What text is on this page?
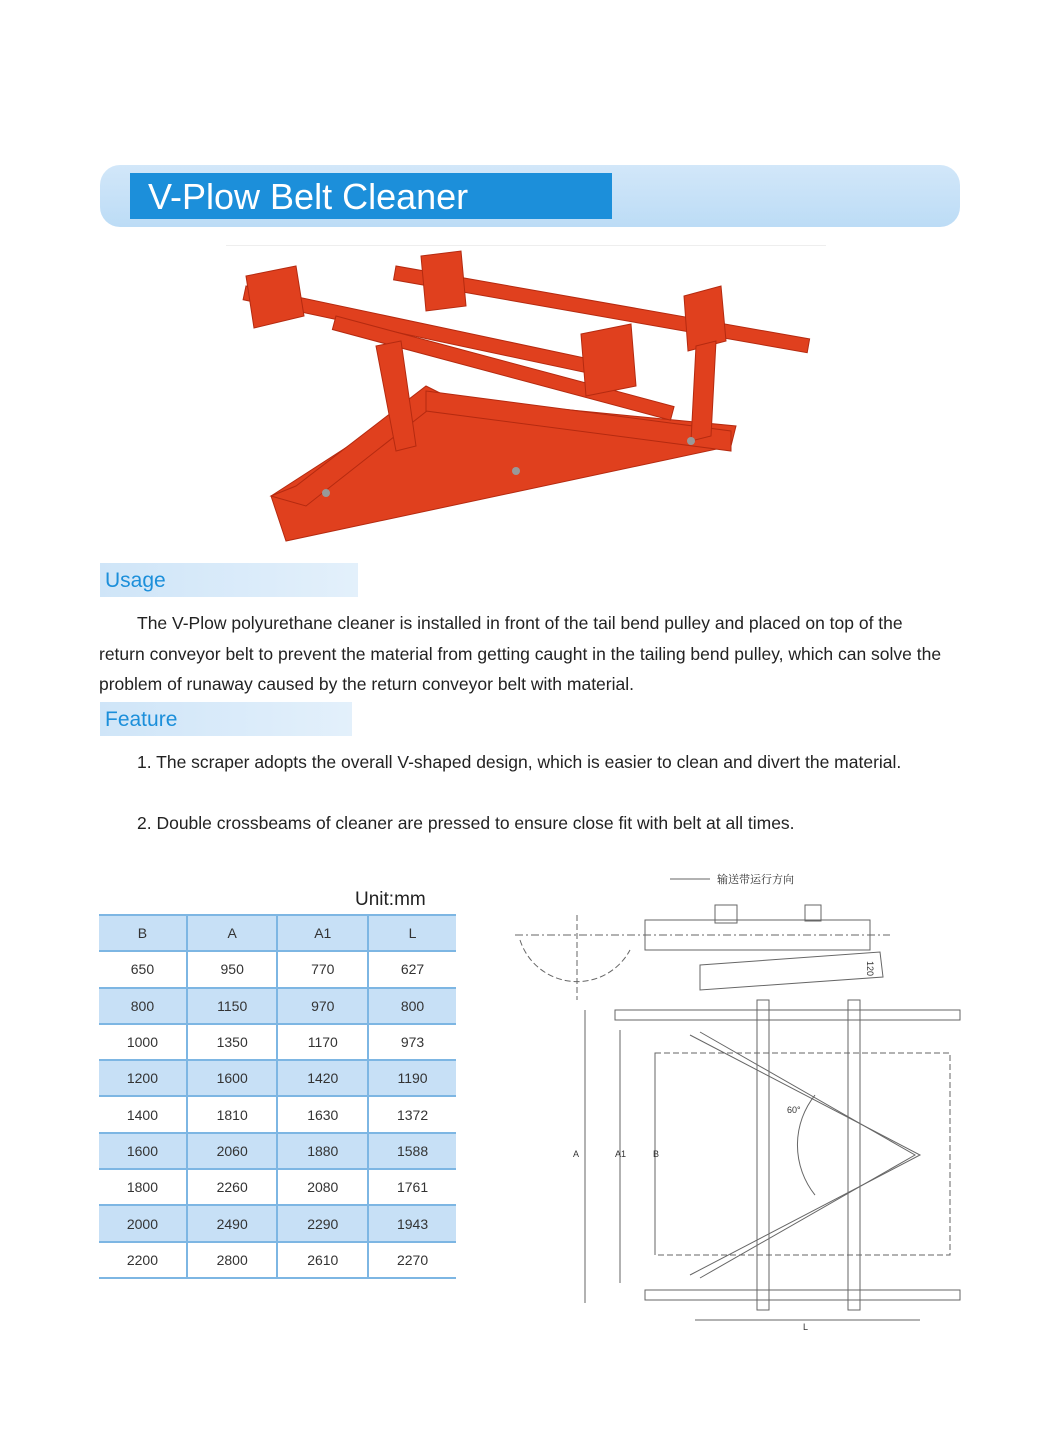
V-Plow Belt Cleaner
Usage

The V-Plow polyurethane cleaner is installed in front of the tail bend pulley and placed on top of the return conveyor belt to prevent the material from getting caught in the tailing bend pulley, which can solve the problem of runaway caused by the return conveyor belt with material.

Feature

1. The scraper adopts the overall V-shaped design, which is easier to clean and divert the material.

2. Double crossbeams of cleaner are pressed to ensure close fit with belt at all times.

Unit:mm
B	A	A1	L
650	950	770	627
800	1150	970	800
1000	1350	1170	973
1200	1600	1420	1190
1400	1810	1630	1372
1600	2060	1880	1588
1800	2260	2080	1761
2000	2490	2290	1943
2200	2800	2610	2270
输送带运行方向
120
60°
A	A1	B
L
